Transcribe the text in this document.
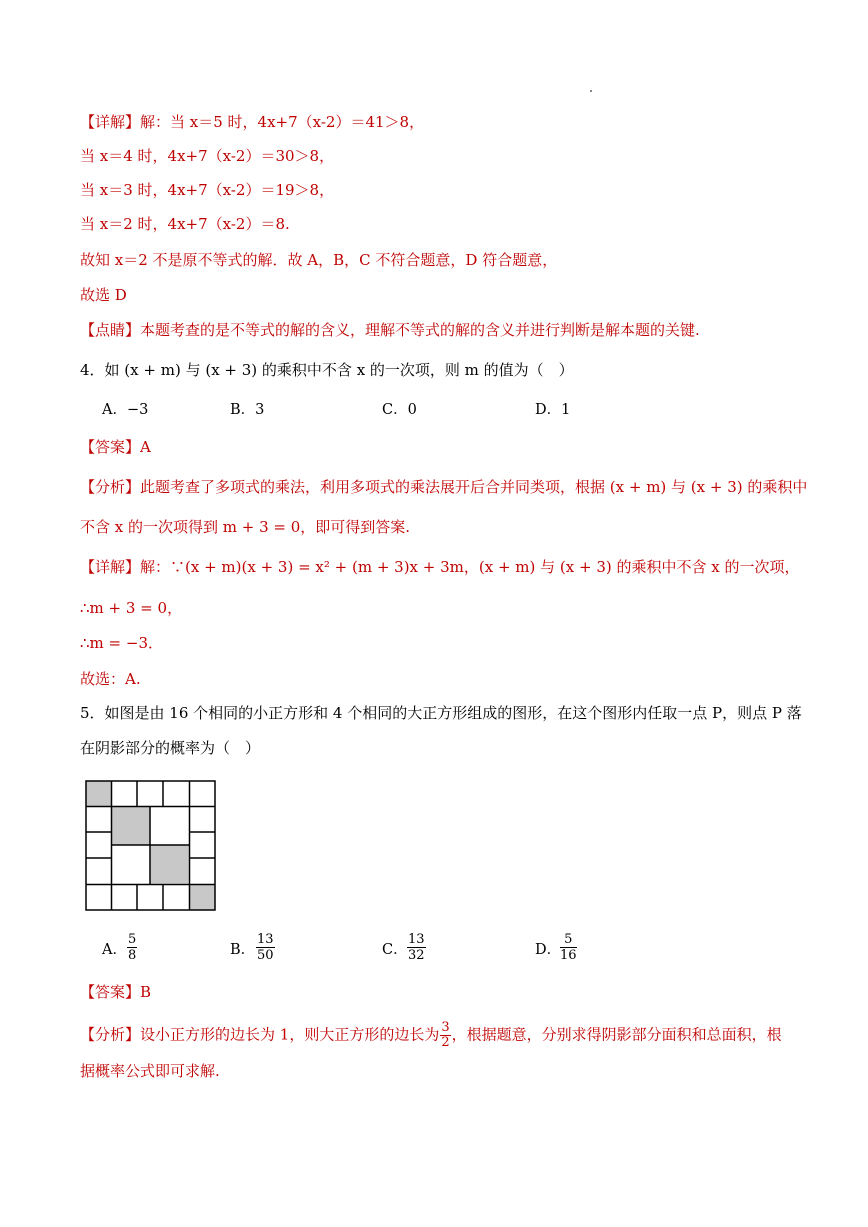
【详解】解：当 x＝5 时，4x+7（x-2）＝41＞8，
当 x＝4 时，4x+7（x-2）＝30＞8，
当 x＝3 时，4x+7（x-2）＝19＞8，
当 x＝2 时，4x+7（x-2）＝8.
故知 x＝2 不是原不等式的解．故 A，B，C 不符合题意，D 符合题意，
故选 D
【点睛】本题考查的是不等式的解的含义，理解不等式的解的含义并进行判断是解本题的关键.
4．如 (x + m) 与 (x + 3) 的乘积中不含 x 的一次项，则 m 的值为（　）
A．−3	B．3	C．0	D．1
【答案】A
【分析】此题考查了多项式的乘法，利用多项式的乘法展开后合并同类项，根据 (x + m) 与 (x + 3) 的乘积中
不含 x 的一次项得到 m + 3 = 0，即可得到答案.
【详解】解：∵(x + m)(x + 3) = x² + (m + 3)x + 3m，(x + m) 与 (x + 3) 的乘积中不含 x 的一次项，
∴m + 3 = 0，
∴m = −3．
故选：A.
5．如图是由 16 个相同的小正方形和 4 个相同的大正方形组成的图形，在这个图形内任取一点 P，则点 P 落
在阴影部分的概率为（　）
A． $\frac{5}{8}$	B． $\frac{13}{50}$	C． $\frac{13}{32}$	D．
$\frac{5}{16}$
【答案】B
【分析】设小正方形的边长为 1，则大正方形的边长为 $\frac{3}{2}$ ，根据题意，分别求得阴影部分面积和总面积，根
据概率公式即可求解.
